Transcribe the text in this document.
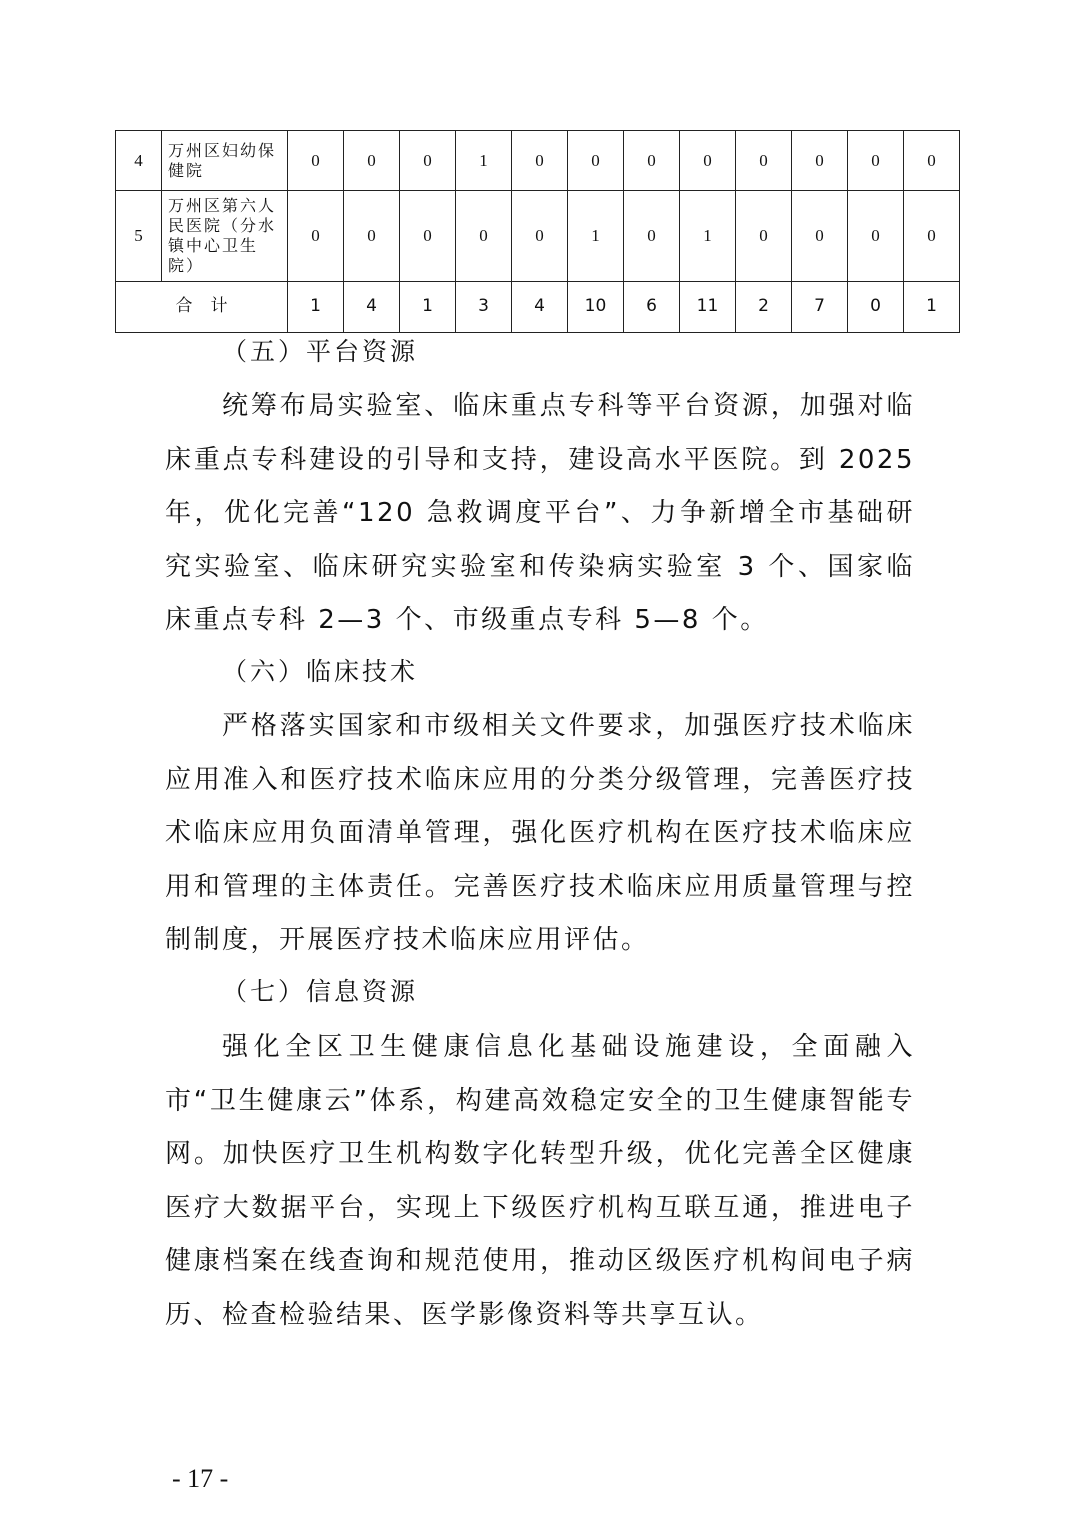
4	万州区妇幼保健院	0	0	0	1	0	0	0	0	0	0	0	0
5	万州区第六人民医院（分水镇中心卫生院）	0	0	0	0	0	1	0	1	0	0	0	0
合计		1	4	1	3	4	10	6	11	2	7	0	1
（五）平台资源
统筹布局实验室、临床重点专科等平台资源，加强对临床重点专科建设的引导和支持，建设高水平医院。到 2025 年，优化完善“120 急救调度平台”、力争新增全市基础研究实验室、临床研究实验室和传染病实验室 3 个、国家临床重点专科 2—3 个、市级重点专科 5—8 个。
（六）临床技术
严格落实国家和市级相关文件要求，加强医疗技术临床应用准入和医疗技术临床应用的分类分级管理，完善医疗技术临床应用负面清单管理，强化医疗机构在医疗技术临床应用和管理的主体责任。完善医疗技术临床应用质量管理与控制制度，开展医疗技术临床应用评估。
（七）信息资源
强化全区卫生健康信息化基础设施建设，全面融入市“卫生健康云”体系，构建高效稳定安全的卫生健康智能专网。加快医疗卫生机构数字化转型升级，优化完善全区健康医疗大数据平台，实现上下级医疗机构互联互通，推进电子健康档案在线查询和规范使用，推动区级医疗机构间电子病历、检查检验结果、医学影像资料等共享互认。
- 17 -
